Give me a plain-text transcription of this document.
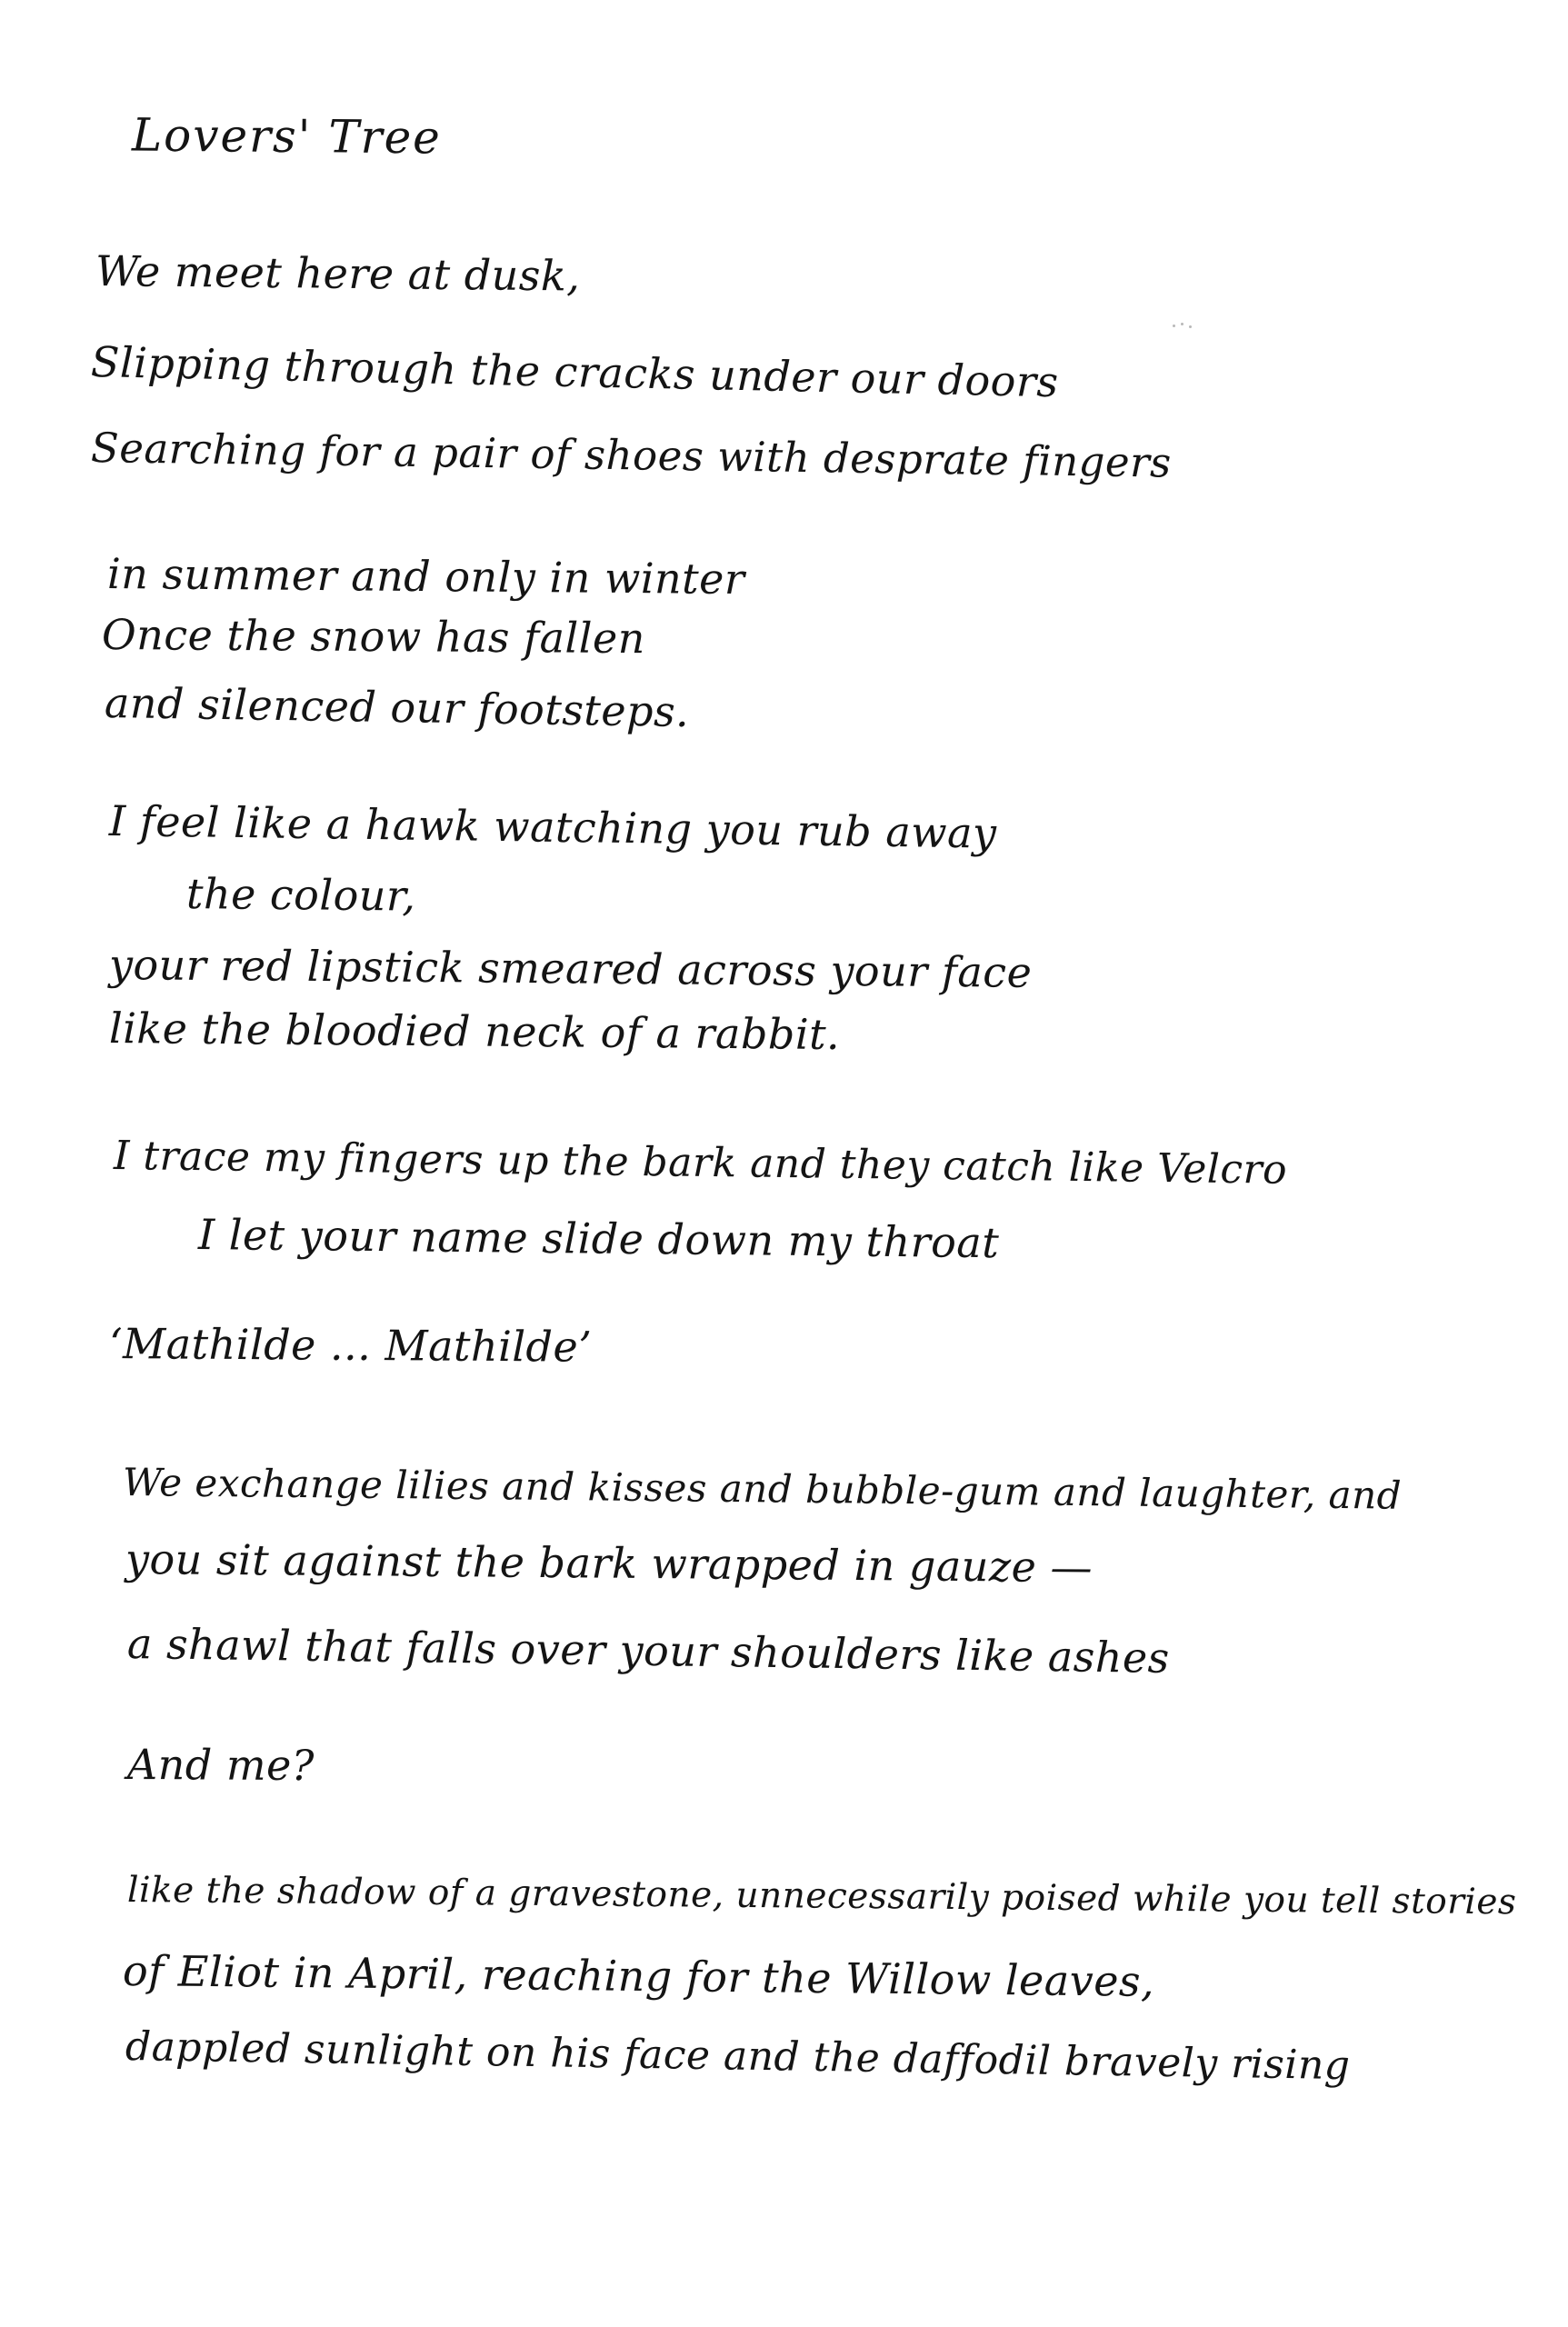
Lovers' Tree
We meet here at dusk,
Slipping through the cracks under our doors
Searching for a pair of shoes with desprate fingers
in summer and only in winter
Once the snow has fallen
and silenced our footsteps.
I feel like a hawk watching you rub away
the colour,
your red lipstick smeared across your face
like the bloodied neck of a rabbit.
I trace my fingers up the bark and they catch like Velcro
I let your name slide down my throat
‘Mathilde ... Mathilde’
We exchange lilies and kisses and bubble-gum and laughter, and
you sit against the bark wrapped in gauze —
a shawl that falls over your shoulders like ashes
And me?
like the shadow of a gravestone, unnecessarily poised while you tell stories
of Eliot in April, reaching for the Willow leaves,
dappled sunlight on his face and the daffodil bravely rising
